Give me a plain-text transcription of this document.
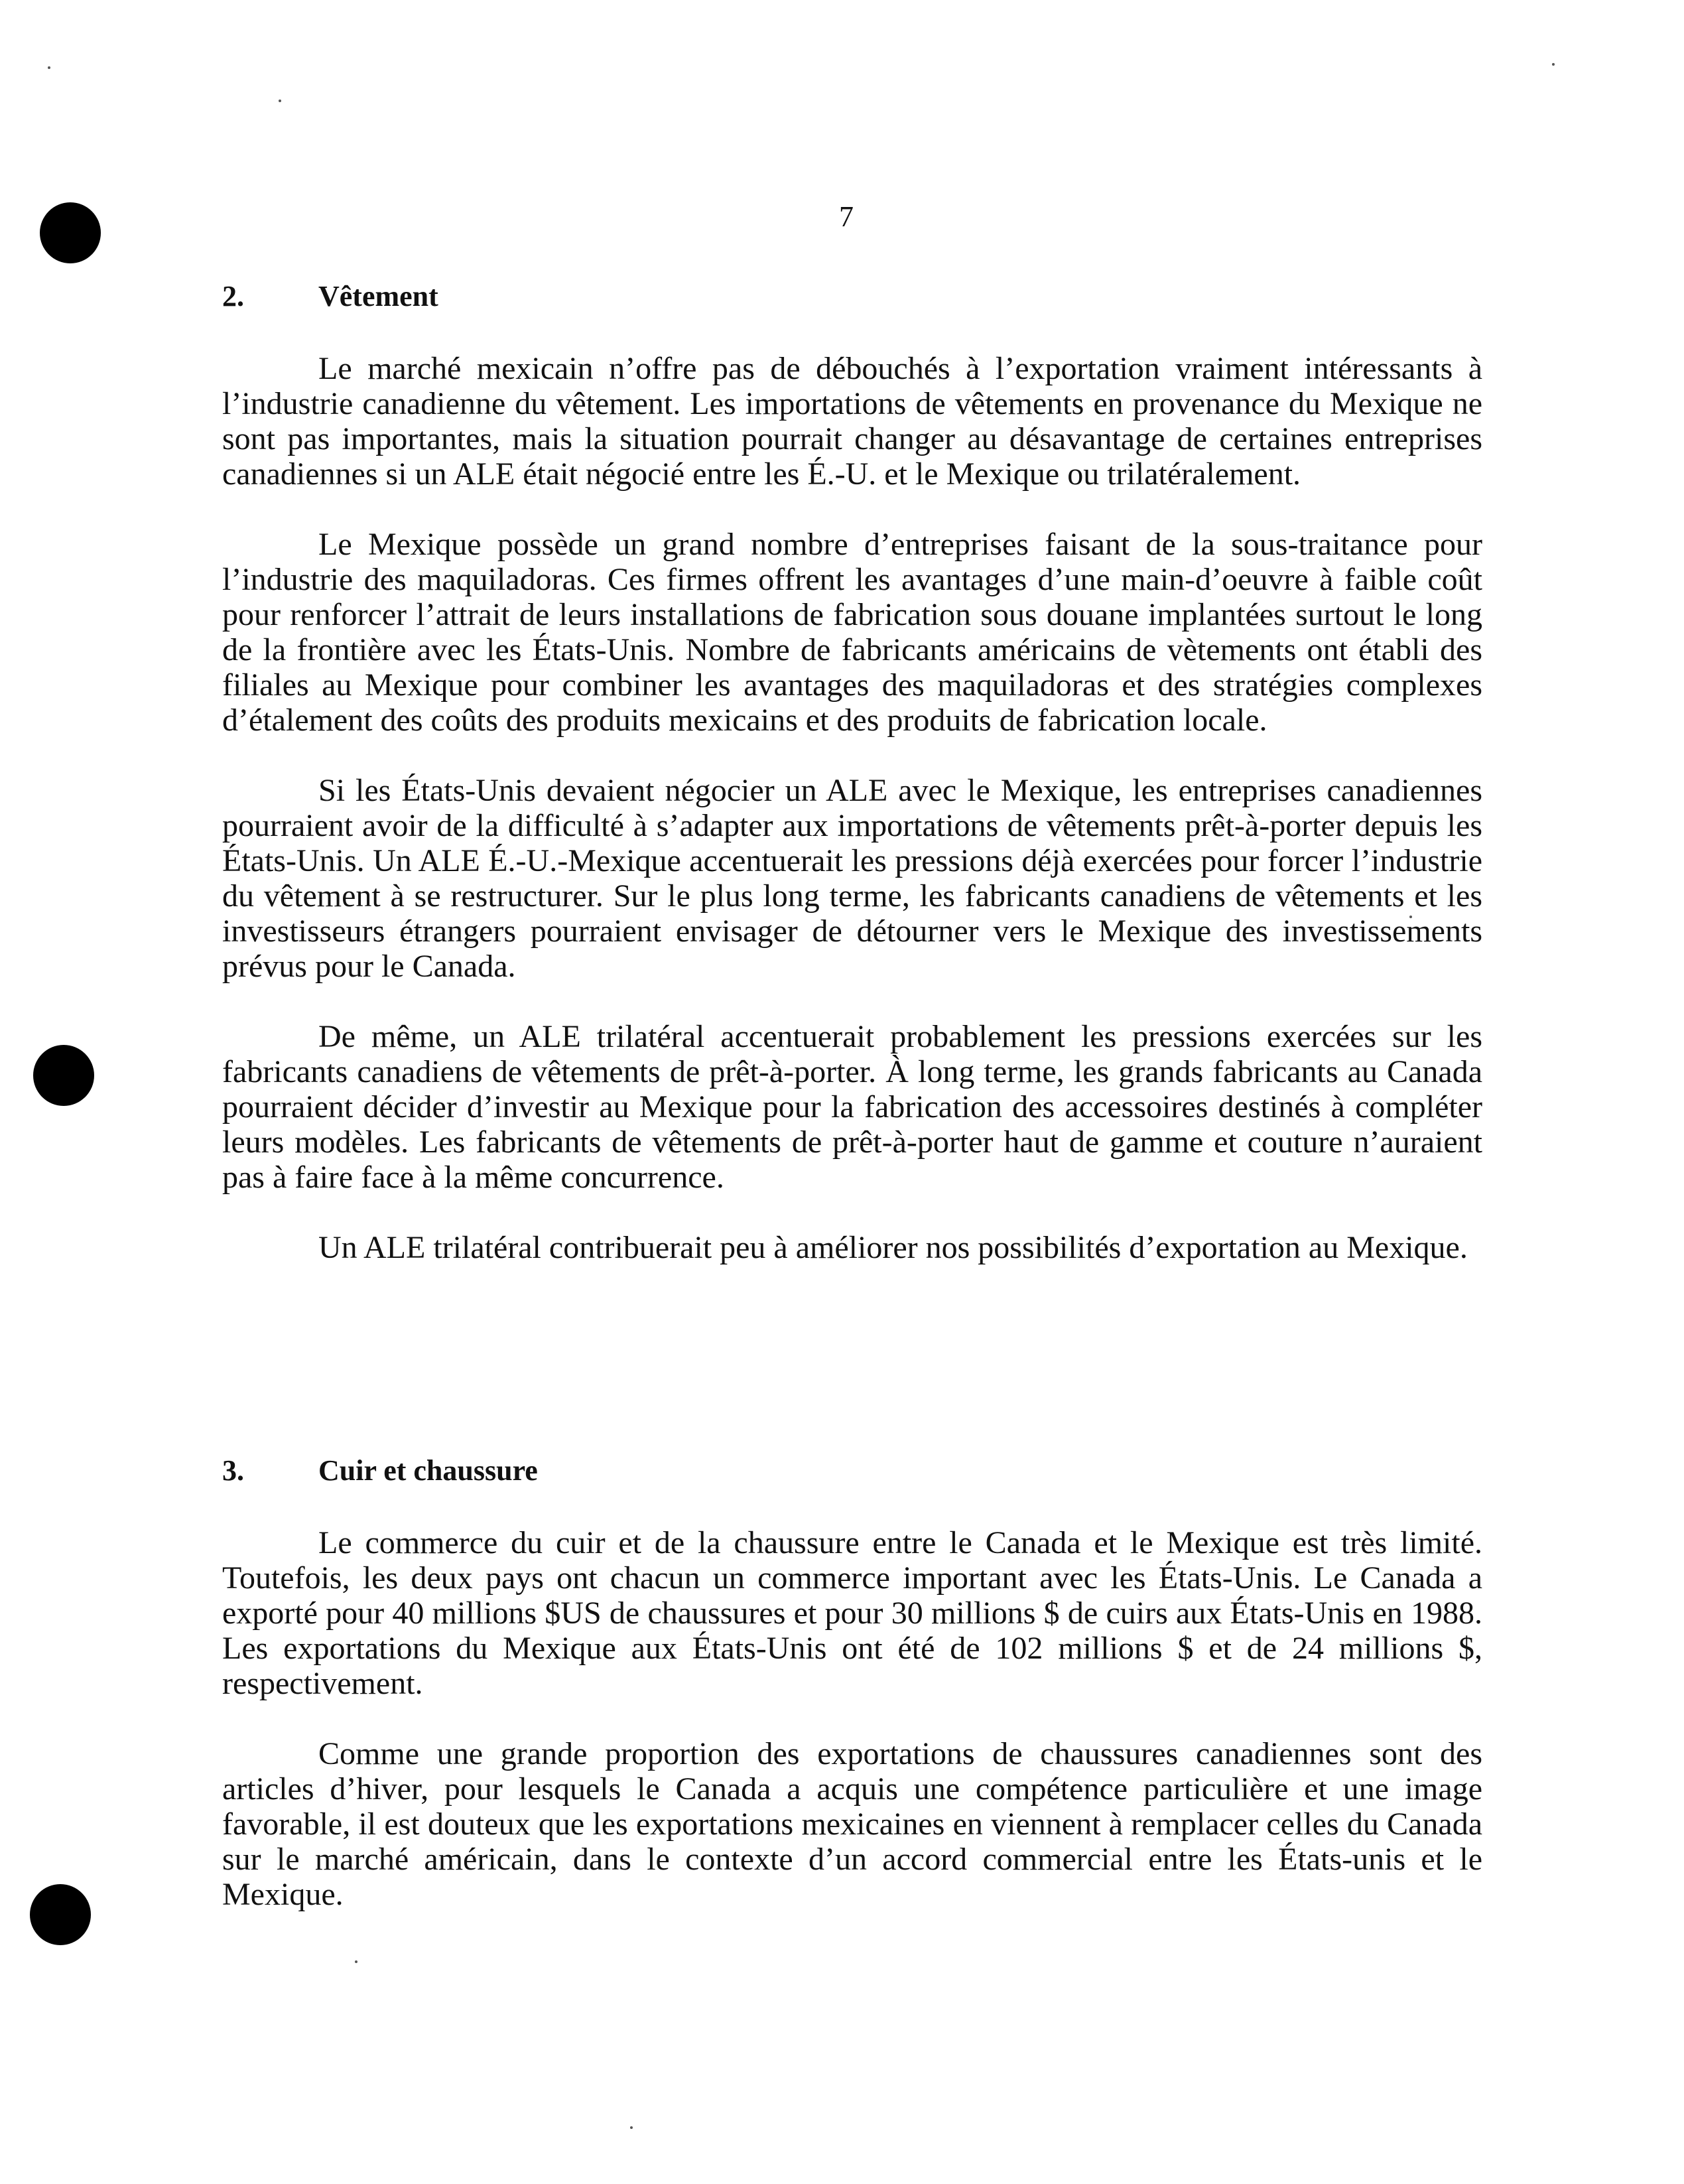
7
2.	Vêtement

Le marché mexicain n’offre pas de débouchés à l’exportation vraiment intéressants à l’industrie canadienne du vêtement. Les importations de vêtements en provenance du Mexique ne sont pas importantes, mais la situation pourrait changer au désavantage de certaines entreprises canadiennes si un ALE était négocié entre les É.-U. et le Mexique ou trilatéralement.

Le Mexique possède un grand nombre d’entreprises faisant de la sous-traitance pour l’industrie des maquiladoras. Ces firmes offrent les avantages d’une main-d’oeuvre à faible coût pour renforcer l’attrait de leurs installations de fabrication sous douane implantées surtout le long de la frontière avec les États-Unis. Nombre de fabricants américains de vètements ont établi des filiales au Mexique pour combiner les avantages des maquiladoras et des stratégies complexes d’étalement des coûts des produits mexicains et des produits de fabrication locale.

Si les États-Unis devaient négocier un ALE avec le Mexique, les entreprises canadiennes pourraient avoir de la difficulté à s’adapter aux importations de vêtements prêt-à-porter depuis les États-Unis. Un ALE É.-U.-Mexique accentuerait les pressions déjà exercées pour forcer l’industrie du vêtement à se restructurer. Sur le plus long terme, les fabricants canadiens de vêtements et les investisseurs étrangers pourraient envisager de détourner vers le Mexique des investissements prévus pour le Canada.

De même, un ALE trilatéral accentuerait probablement les pressions exercées sur les fabricants canadiens de vêtements de prêt-à-porter. À long terme, les grands fabricants au Canada pourraient décider d’investir au Mexique pour la fabrication des accessoires destinés à compléter leurs modèles. Les fabricants de vêtements de prêt-à-porter haut de gamme et couture n’auraient pas à faire face à la même concurrence.

Un ALE trilatéral contribuerait peu à améliorer nos possibilités d’exportation au Mexique.

3.	Cuir et chaussure

Le commerce du cuir et de la chaussure entre le Canada et le Mexique est très limité. Toutefois, les deux pays ont chacun un commerce important avec les États-Unis. Le Canada a exporté pour 40 millions $US de chaussures et pour 30 millions $ de cuirs aux États-Unis en 1988. Les exportations du Mexique aux États-Unis ont été de 102 millions $ et de 24 millions $, respectivement.

Comme une grande proportion des exportations de chaussures canadiennes sont des articles d’hiver, pour lesquels le Canada a acquis une compétence particulière et une image favorable, il est douteux que les exportations mexicaines en viennent à remplacer celles du Canada sur le marché américain, dans le contexte d’un accord commercial entre les États-unis et le Mexique.
